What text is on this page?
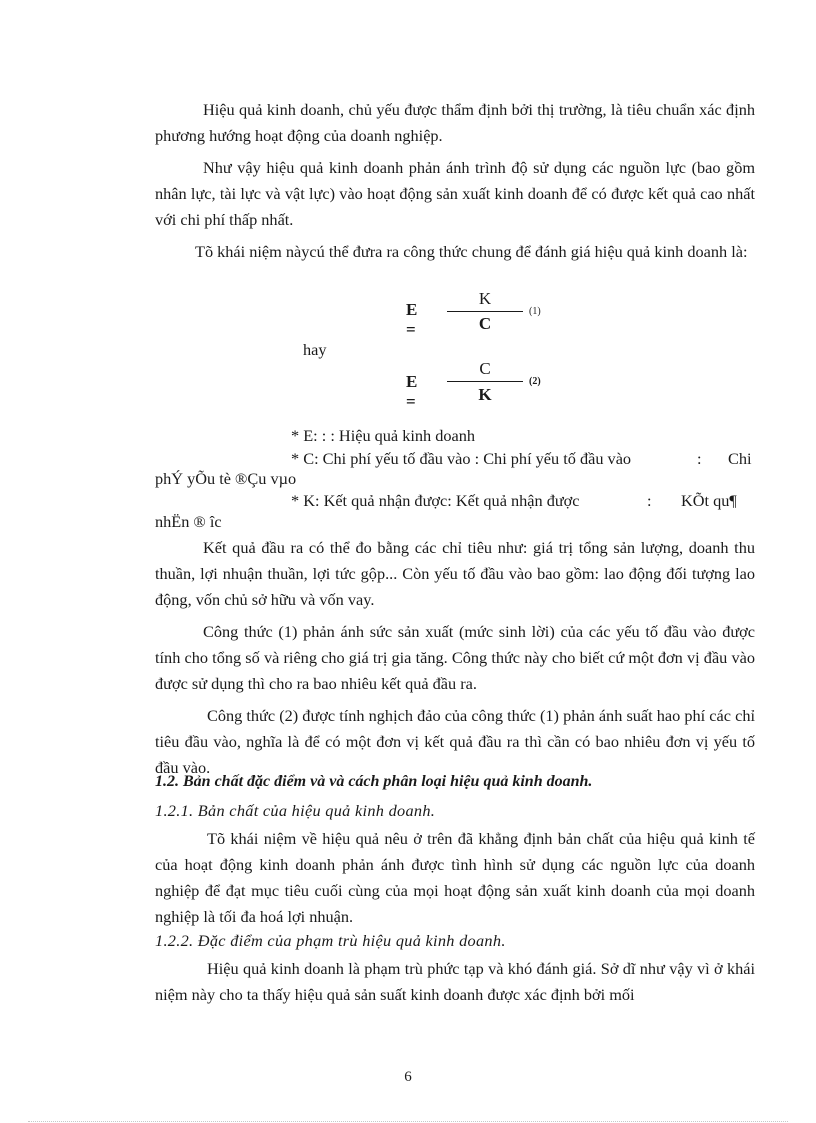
Hiệu quả kinh doanh, chủ yếu được thẩm định bởi thị trường, là tiêu chuẩn xác định phương hướng hoạt động của doanh nghiệp.

Như vậy hiệu quả kinh doanh phản ánh trình độ sử dụng các nguồn lực (bao gồm nhân lực, tài lực và vật lực) vào hoạt động sản xuất kinh doanh để có được kết quả cao nhất với chi phí thấp nhất.

Tõ khái niệm nàycú thể đưra ra công thức chung để đánh giá hiệu quả kinh doanh là:

E =
K
C
(1)
hay
E =
C
K
(2)
* E: : : Hiệu quả kinh doanh
* C: Chi phí yếu tố đầu vào : Chi phí yếu tố đầu vào	: Chi
phÝ yÕu tè ®Çu vµo
* K: Kết quả nhận được: Kết quả nhận được	: KÕt qu¶
nhËn ® îc

Kết quả đầu ra có thể đo bằng các chỉ tiêu như: giá trị tổng sản lượng, doanh thu thuần, lợi nhuận thuần, lợi tức gộp... Còn yếu tố đầu vào bao gồm: lao động đối tượng lao động, vốn chủ sở hữu và vốn vay.

Công thức (1) phản ánh sức sản xuất (mức sinh lời) của các yếu tố đầu vào được tính cho tổng số và riêng cho giá trị gia tăng. Công thức này cho biết cứ một đơn vị đầu vào được sử dụng thì cho ra bao nhiêu kết quả đầu ra.

Công thức (2) được tính nghịch đảo của công thức (1) phản ánh suất hao phí các chỉ tiêu đầu vào, nghĩa là để có một đơn vị kết quả đầu ra thì cần có bao nhiêu đơn vị yếu tố đầu vào.

1.2. Bản chất đặc điểm và và cách phân loại hiệu quả kinh doanh.
1.2.1. Bản chất của hiệu quả kinh doanh.

Tõ khái niệm về hiệu quả nêu ở trên đã khẳng định bản chất của hiệu quả kinh tế của hoạt động kinh doanh phản ánh được tình hình sử dụng các nguồn lực của doanh nghiệp để đạt mục tiêu cuối cùng của mọi hoạt động sản xuất kinh doanh của mọi doanh nghiệp là tối đa hoá lợi nhuận.

1.2.2. Đặc điểm của phạm trù hiệu quả kinh doanh.

Hiệu quả kinh doanh là phạm trù phức tạp và khó đánh giá. Sở dĩ như vậy vì ở khái niệm này cho ta thấy hiệu quả sản suất kinh doanh được xác định bởi mối

6
